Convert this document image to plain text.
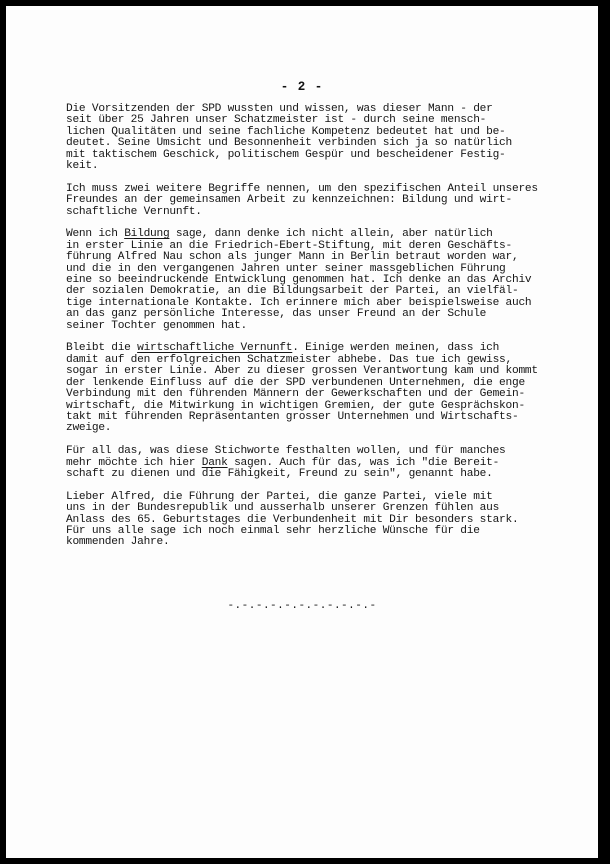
- 2 -
Die Vorsitzenden der SPD wussten und wissen, was dieser Mann - der
seit über 25 Jahren unser Schatzmeister ist - durch seine mensch-
lichen Qualitäten und seine fachliche Kompetenz bedeutet hat und be-
deutet. Seine Umsicht und Besonnenheit verbinden sich ja so natürlich
mit taktischem Geschick, politischem Gespür und bescheidener Festig-
keit.
Ich muss zwei weitere Begriffe nennen, um den spezifischen Anteil unseres
Freundes an der gemeinsamen Arbeit zu kennzeichnen: Bildung und wirt-
schaftliche Vernunft.
Wenn ich Bildung sage, dann denke ich nicht allein, aber natürlich
in erster Linie an die Friedrich-Ebert-Stiftung, mit deren Geschäfts-
führung Alfred Nau schon als junger Mann in Berlin betraut worden war,
und die in den vergangenen Jahren unter seiner massgeblichen Führung
eine so beeindruckende Entwicklung genommen hat. Ich denke an das Archiv
der sozialen Demokratie, an die Bildungsarbeit der Partei, an vielfäl-
tige internationale Kontakte. Ich erinnere mich aber beispielsweise auch
an das ganz persönliche Interesse, das unser Freund an der Schule
seiner Tochter genommen hat.
Bleibt die wirtschaftliche Vernunft. Einige werden meinen, dass ich
damit auf den erfolgreichen Schatzmeister abhebe. Das tue ich gewiss,
sogar in erster Linie. Aber zu dieser grossen Verantwortung kam und kommt
der lenkende Einfluss auf die der SPD verbundenen Unternehmen, die enge
Verbindung mit den führenden Männern der Gewerkschaften und der Gemein-
wirtschaft, die Mitwirkung in wichtigen Gremien, der gute Gesprächskon-
takt mit führenden Repräsentanten grosser Unternehmen und Wirtschafts-
zweige.
Für all das, was diese Stichworte festhalten wollen, und für manches
mehr möchte ich hier Dank sagen. Auch für das, was ich "die Bereit-
schaft zu dienen und die Fähigkeit, Freund zu sein", genannt habe.
Lieber Alfred, die Führung der Partei, die ganze Partei, viele mit
uns in der Bundesrepublik und ausserhalb unserer Grenzen fühlen aus
Anlass des 65. Geburtstages die Verbundenheit mit Dir besonders stark.
Für uns alle sage ich noch einmal sehr herzliche Wünsche für die
kommenden Jahre.
-.-.-.-.-.-.-.-.-.-.-
